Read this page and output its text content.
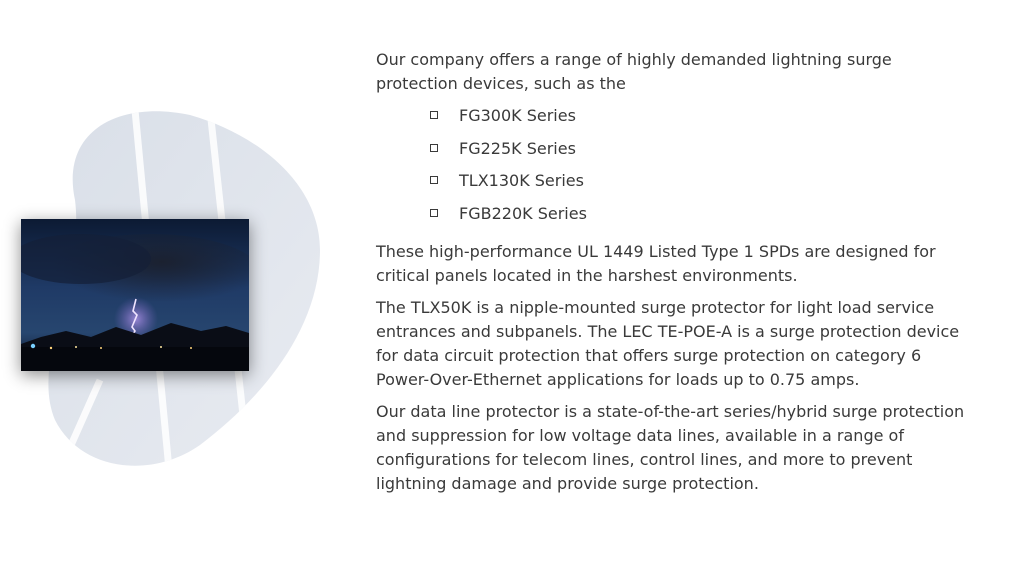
Our company offers a range of highly demanded lightning surge protection devices, such as the

FG300K Series
FG225K Series
TLX130K Series
FGB220K Series

These high-performance UL 1449 Listed Type 1 SPDs are designed for critical panels located in the harshest environments.

The TLX50K is a nipple-mounted surge protector for light load service entrances and subpanels. The LEC TE-POE-A is a surge protection device for data circuit protection that offers surge protection on category 6 Power-Over-Ethernet applications for loads up to 0.75 amps.

Our data line protector is a state-of-the-art series/hybrid surge protection and suppression for low voltage data lines, available in a range of configurations for telecom lines, control lines, and more to prevent lightning damage and provide surge protection.
